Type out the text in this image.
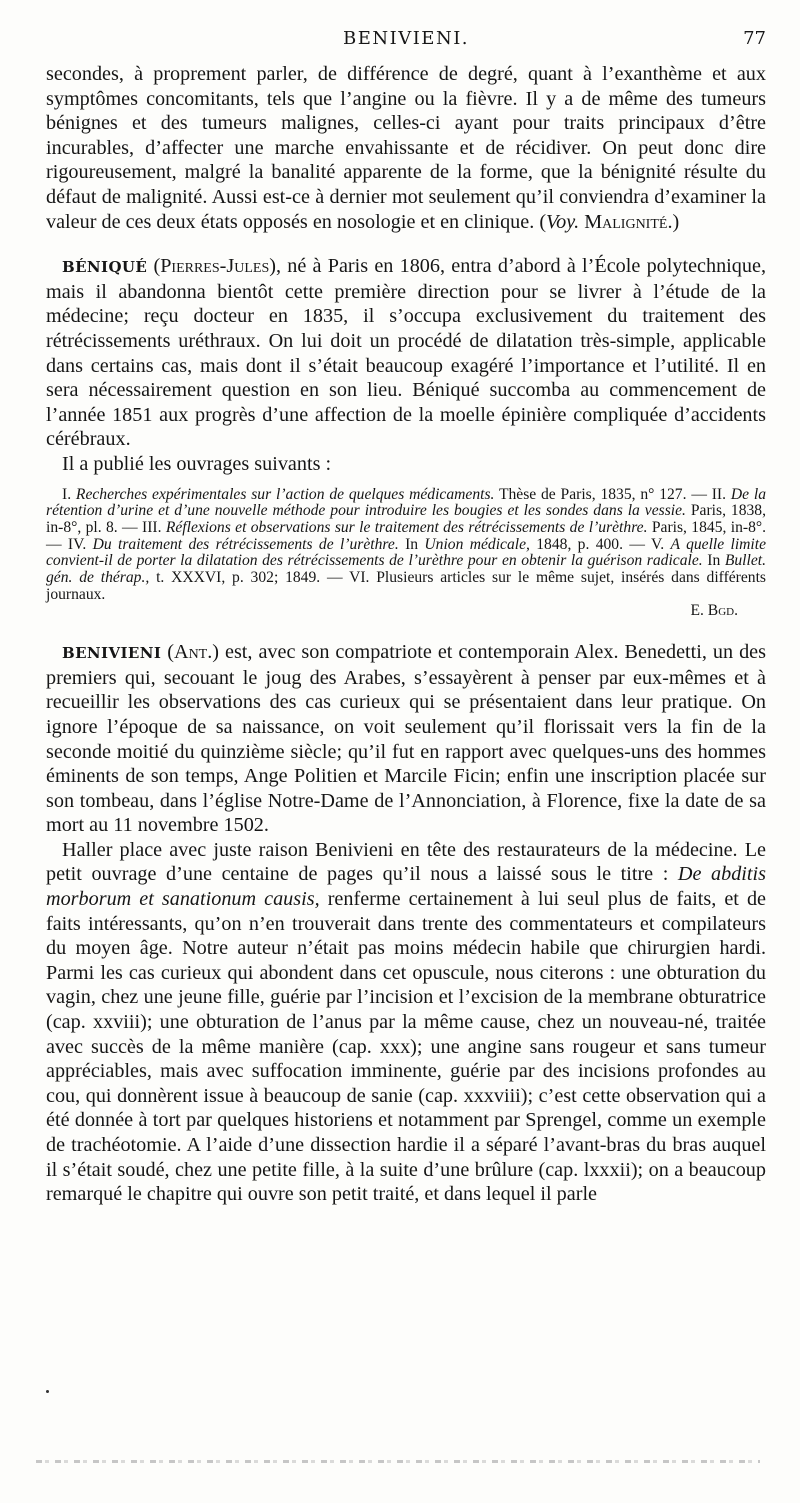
BENIVIENI.	77

secondes, à proprement parler, de différence de degré, quant à l’exanthème et aux symptômes concomitants, tels que l’angine ou la fièvre. Il y a de même des tumeurs bénignes et des tumeurs malignes, celles-ci ayant pour traits principaux d’être incurables, d’affecter une marche envahissante et de récidiver. On peut donc dire rigoureusement, malgré la banalité apparente de la forme, que la bénignité résulte du défaut de malignité. Aussi est-ce à dernier mot seulement qu’il conviendra d’examiner la valeur de ces deux états opposés en nosologie et en clinique. (Voy. Malignité.)

BÉNIQUÉ (Pierres-Jules), né à Paris en 1806, entra d’abord à l’École polytechnique, mais il abandonna bientôt cette première direction pour se livrer à l’étude de la médecine; reçu docteur en 1835, il s’occupa exclusivement du traitement des rétrécissements uréthraux. On lui doit un procédé de dilatation très-simple, applicable dans certains cas, mais dont il s’était beaucoup exagéré l’importance et l’utilité. Il en sera nécessairement question en son lieu. Béniqué succomba au commencement de l’année 1851 aux progrès d’une affection de la moelle épinière compliquée d’accidents cérébraux.

Il a publié les ouvrages suivants :

I. Recherches expérimentales sur l’action de quelques médicaments. Thèse de Paris, 1835, n° 127. — II. De la rétention d’urine et d’une nouvelle méthode pour introduire les bougies et les sondes dans la vessie. Paris, 1838, in-8°, pl. 8. — III. Réflexions et observations sur le traitement des rétrécissements de l’urèthre. Paris, 1845, in-8°. — IV. Du traitement des rétrécissements de l’urèthre. In Union médicale, 1848, p. 400. — V. A quelle limite convient-il de porter la dilatation des rétrécissements de l’urèthre pour en obtenir la guérison radicale. In Bullet. gén. de thérap., t. XXXVI, p. 302; 1849. — VI. Plusieurs articles sur le même sujet, insérés dans différents journaux.

E. Bgd.

BENIVIENI (Ant.) est, avec son compatriote et contemporain Alex. Benedetti, un des premiers qui, secouant le joug des Arabes, s’essayèrent à penser par eux-mêmes et à recueillir les observations des cas curieux qui se présentaient dans leur pratique. On ignore l’époque de sa naissance, on voit seulement qu’il florissait vers la fin de la seconde moitié du quinzième siècle; qu’il fut en rapport avec quelques-uns des hommes éminents de son temps, Ange Politien et Marcile Ficin; enfin une inscription placée sur son tombeau, dans l’église Notre-Dame de l’Annonciation, à Florence, fixe la date de sa mort au 11 novembre 1502.

Haller place avec juste raison Benivieni en tête des restaurateurs de la médecine. Le petit ouvrage d’une centaine de pages qu’il nous a laissé sous le titre : De abditis morborum et sanationum causis, renferme certainement à lui seul plus de faits, et de faits intéressants, qu’on n’en trouverait dans trente des commentateurs et compilateurs du moyen âge. Notre auteur n’était pas moins médecin habile que chirurgien hardi. Parmi les cas curieux qui abondent dans cet opuscule, nous citerons : une obturation du vagin, chez une jeune fille, guérie par l’incision et l’excision de la membrane obturatrice (cap. xxviii); une obturation de l’anus par la même cause, chez un nouveau-né, traitée avec succès de la même manière (cap. xxx); une angine sans rougeur et sans tumeur appréciables, mais avec suffocation imminente, guérie par des incisions profondes au cou, qui donnèrent issue à beaucoup de sanie (cap. xxxviii); c’est cette observation qui a été donnée à tort par quelques historiens et notamment par Sprengel, comme un exemple de trachéotomie. A l’aide d’une dissection hardie il a séparé l’avant-bras du bras auquel il s’était soudé, chez une petite fille, à la suite d’une brûlure (cap. lxxxii); on a beaucoup remarqué le chapitre qui ouvre son petit traité, et dans lequel il parle
